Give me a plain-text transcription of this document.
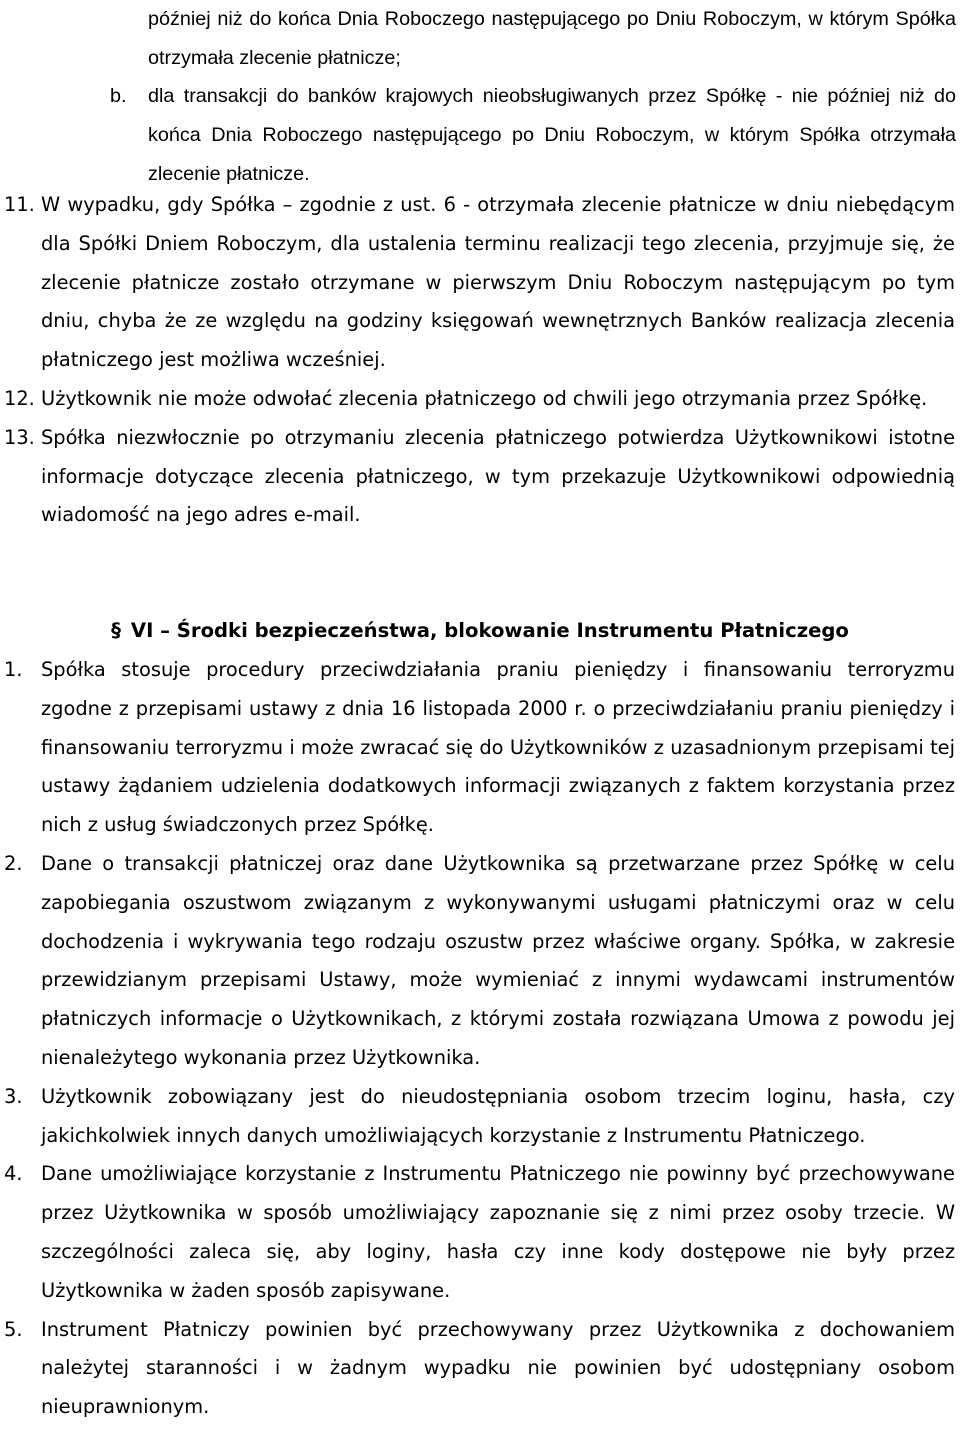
później niż do końca Dnia Roboczego następującego po Dniu Roboczym, w którym Spółka otrzymała zlecenie płatnicze;
b. dla transakcji do banków krajowych nieobsługiwanych przez Spółkę - nie później niż do końca Dnia Roboczego następującego po Dniu Roboczym, w którym Spółka otrzymała zlecenie płatnicze.
11. W wypadku, gdy Spółka – zgodnie z ust. 6 - otrzymała zlecenie płatnicze w dniu niebędącym dla Spółki Dniem Roboczym, dla ustalenia terminu realizacji tego zlecenia, przyjmuje się, że zlecenie płatnicze zostało otrzymane w pierwszym Dniu Roboczym następującym po tym dniu, chyba że ze względu na godziny księgowań wewnętrznych Banków realizacja zlecenia płatniczego jest możliwa wcześniej.
12. Użytkownik nie może odwołać zlecenia płatniczego od chwili jego otrzymania przez Spółkę.
13. Spółka niezwłocznie po otrzymaniu zlecenia płatniczego potwierdza Użytkownikowi istotne informacje dotyczące zlecenia płatniczego, w tym przekazuje Użytkownikowi odpowiednią wiadomość na jego adres e-mail.
§ VI – Środki bezpieczeństwa, blokowanie Instrumentu Płatniczego
1. Spółka stosuje procedury przeciwdziałania praniu pieniędzy i finansowaniu terroryzmu zgodne z przepisami ustawy z dnia 16 listopada 2000 r. o przeciwdziałaniu praniu pieniędzy i finansowaniu terroryzmu i może zwracać się do Użytkowników z uzasadnionym przepisami tej ustawy żądaniem udzielenia dodatkowych informacji związanych z faktem korzystania przez nich z usług świadczonych przez Spółkę.
2. Dane o transakcji płatniczej oraz dane Użytkownika są przetwarzane przez Spółkę w celu zapobiegania oszustwom związanym z wykonywanymi usługami płatniczymi oraz w celu dochodzenia i wykrywania tego rodzaju oszustw przez właściwe organy. Spółka, w zakresie przewidzianym przepisami Ustawy, może wymieniać z innymi wydawcami instrumentów płatniczych informacje o Użytkownikach, z którymi została rozwiązana Umowa z powodu jej nienależytego wykonania przez Użytkownika.
3. Użytkownik zobowiązany jest do nieudostępniania osobom trzecim loginu, hasła, czy jakichkolwiek innych danych umożliwiających korzystanie z Instrumentu Płatniczego.
4. Dane umożliwiające korzystanie z Instrumentu Płatniczego nie powinny być przechowywane przez Użytkownika w sposób umożliwiający zapoznanie się z nimi przez osoby trzecie. W szczególności zaleca się, aby loginy, hasła czy inne kody dostępowe nie były przez Użytkownika w żaden sposób zapisywane.
5. Instrument Płatniczy powinien być przechowywany przez Użytkownika z dochowaniem należytej staranności i w żadnym wypadku nie powinien być udostępniany osobom nieuprawnionym.
